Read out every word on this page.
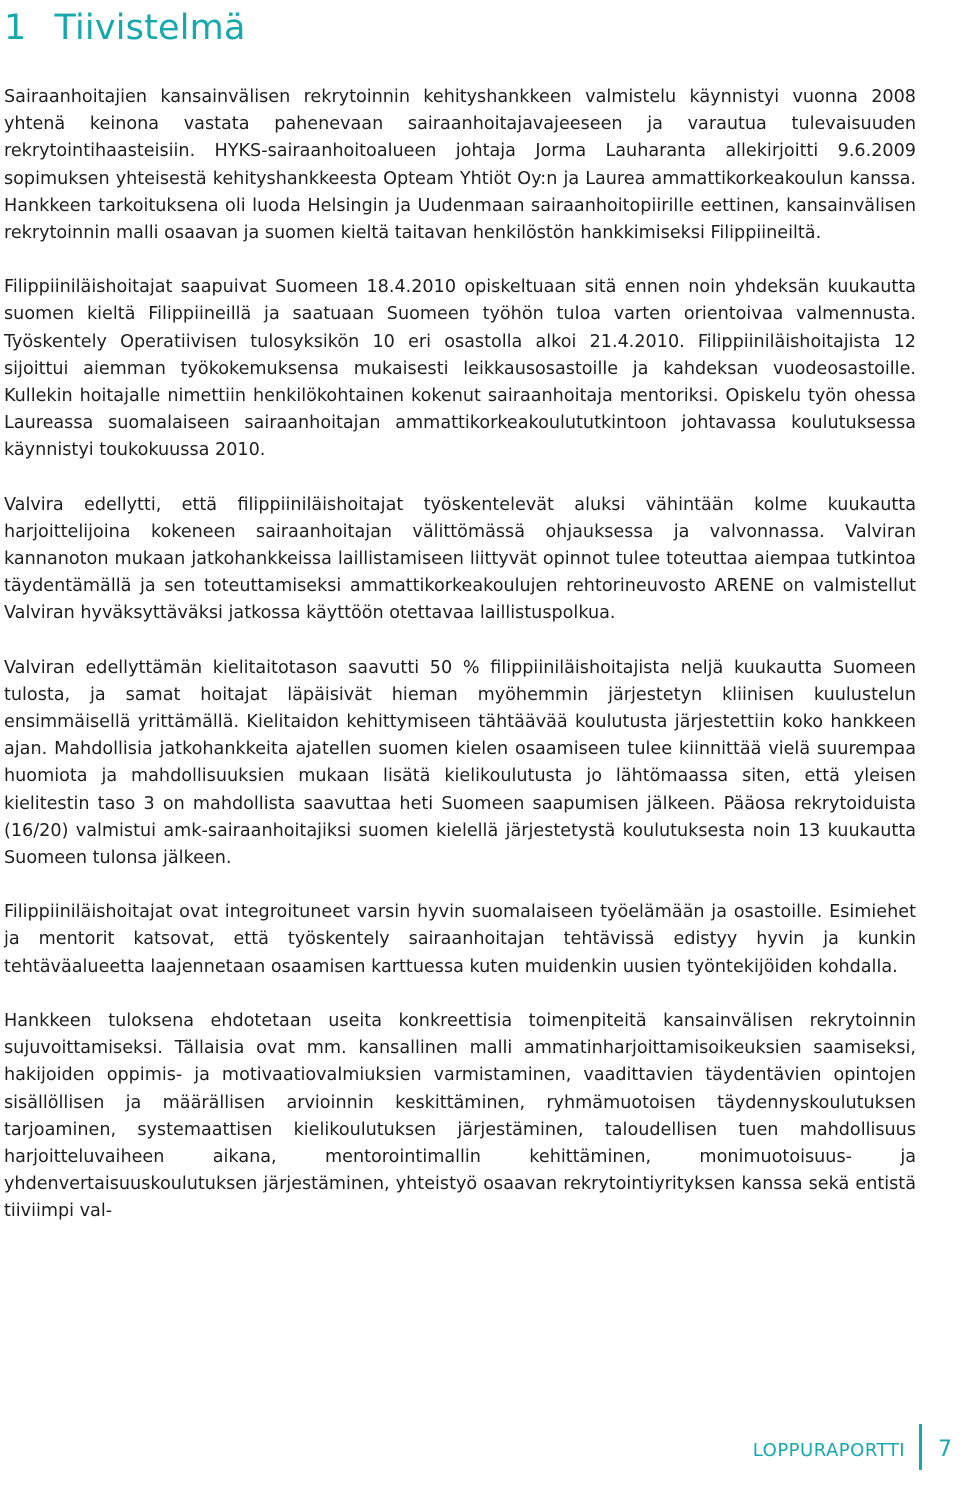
1 Tiivistelmä

Sairaanhoitajien kansainvälisen rekrytoinnin kehityshankkeen valmistelu käynnistyi vuonna 2008 yhtenä keinona vastata pahenevaan sairaanhoitajavajeeseen ja varautua tulevaisuuden rekrytointihaasteisiin. HYKS-sairaanhoitoalueen johtaja Jorma Lauharanta allekirjoitti 9.6.2009 sopimuksen yhteisestä kehityshankkeesta Opteam Yhtiöt Oy:n ja Laurea ammattikorkeakoulun kanssa. Hankkeen tarkoituksena oli luoda Helsingin ja Uudenmaan sairaanhoitopiirille eettinen, kansainvälisen rekrytoinnin malli osaavan ja suomen kieltä taitavan henkilöstön hankkimiseksi Filippiineiltä.

Filippiiniläishoitajat saapuivat Suomeen 18.4.2010 opiskeltuaan sitä ennen noin yhdeksän kuukautta suomen kieltä Filippiineillä ja saatuaan Suomeen työhön tuloa varten orientoivaa valmennusta. Työskentely Operatiivisen tulosyksikön 10 eri osastolla alkoi 21.4.2010. Filippiiniläishoitajista 12 sijoittui aiemman työkokemuksensa mukaisesti leikkausosastoille ja kahdeksan vuodeosastoille. Kullekin hoitajalle nimettiin henkilökohtainen kokenut sairaanhoitaja mentoriksi. Opiskelu työn ohessa Laureassa suomalaiseen sairaanhoitajan ammattikorkeakoulututkintoon johtavassa koulutuksessa käynnistyi toukokuussa 2010.

Valvira edellytti, että filippiiniläishoitajat työskentelevät aluksi vähintään kolme kuukautta harjoittelijoina kokeneen sairaanhoitajan välittömässä ohjauksessa ja valvonnassa. Valviran kannanoton mukaan jatkohankkeissa laillistamiseen liittyvät opinnot tulee toteuttaa aiempaa tutkintoa täydentämällä ja sen toteuttamiseksi ammattikorkeakoulujen rehtorineuvosto ARENE on valmistellut Valviran hyväksyttäväksi jatkossa käyttöön otettavaa laillistuspolkua.

Valviran edellyttämän kielitaitotason saavutti 50 % filippiiniläishoitajista neljä kuukautta Suomeen tulosta, ja samat hoitajat läpäisivät hieman myöhemmin järjestetyn kliinisen kuulustelun ensimmäisellä yrittämällä. Kielitaidon kehittymiseen tähtäävää koulutusta järjestettiin koko hankkeen ajan. Mahdollisia jatkohankkeita ajatellen suomen kielen osaamiseen tulee kiinnittää vielä suurempaa huomiota ja mahdollisuuksien mukaan lisätä kielikoulutusta jo lähtömaassa siten, että yleisen kielitestin taso 3 on mahdollista saavuttaa heti Suomeen saapumisen jälkeen. Pääosa rekrytoiduista (16/20) valmistui amk-sairaanhoitajiksi suomen kielellä järjestetystä koulutuksesta noin 13 kuukautta Suomeen tulonsa jälkeen.

Filippiiniläishoitajat ovat integroituneet varsin hyvin suomalaiseen työelämään ja osastoille. Esimiehet ja mentorit katsovat, että työskentely sairaanhoitajan tehtävissä edistyy hyvin ja kunkin tehtäväalueetta laajennetaan osaamisen karttuessa kuten muidenkin uusien työntekijöiden kohdalla.

Hankkeen tuloksena ehdotetaan useita konkreettisia toimenpiteitä kansainvälisen rekrytoinnin sujuvoittamiseksi. Tällaisia ovat mm. kansallinen malli ammatinharjoittamisoikeuksien saamiseksi, hakijoiden oppimis- ja motivaatiovalmiuksien varmistaminen, vaadittavien täydentävien opintojen sisällöllisen ja määrällisen arvioinnin keskittäminen, ryhmämuotoisen täydennyskoulutuksen tarjoaminen, systemaattisen kielikoulutuksen järjestäminen, taloudellisen tuen mahdollisuus harjoitteluvaiheen aikana, mentorointimallin kehittäminen, monimuotoisuus- ja yhdenvertaisuuskoulutuksen järjestäminen, yhteistyö osaavan rekrytointiyrityksen kanssa sekä entistä tiiviimpi val-

LOPPURAPORTTI 7
